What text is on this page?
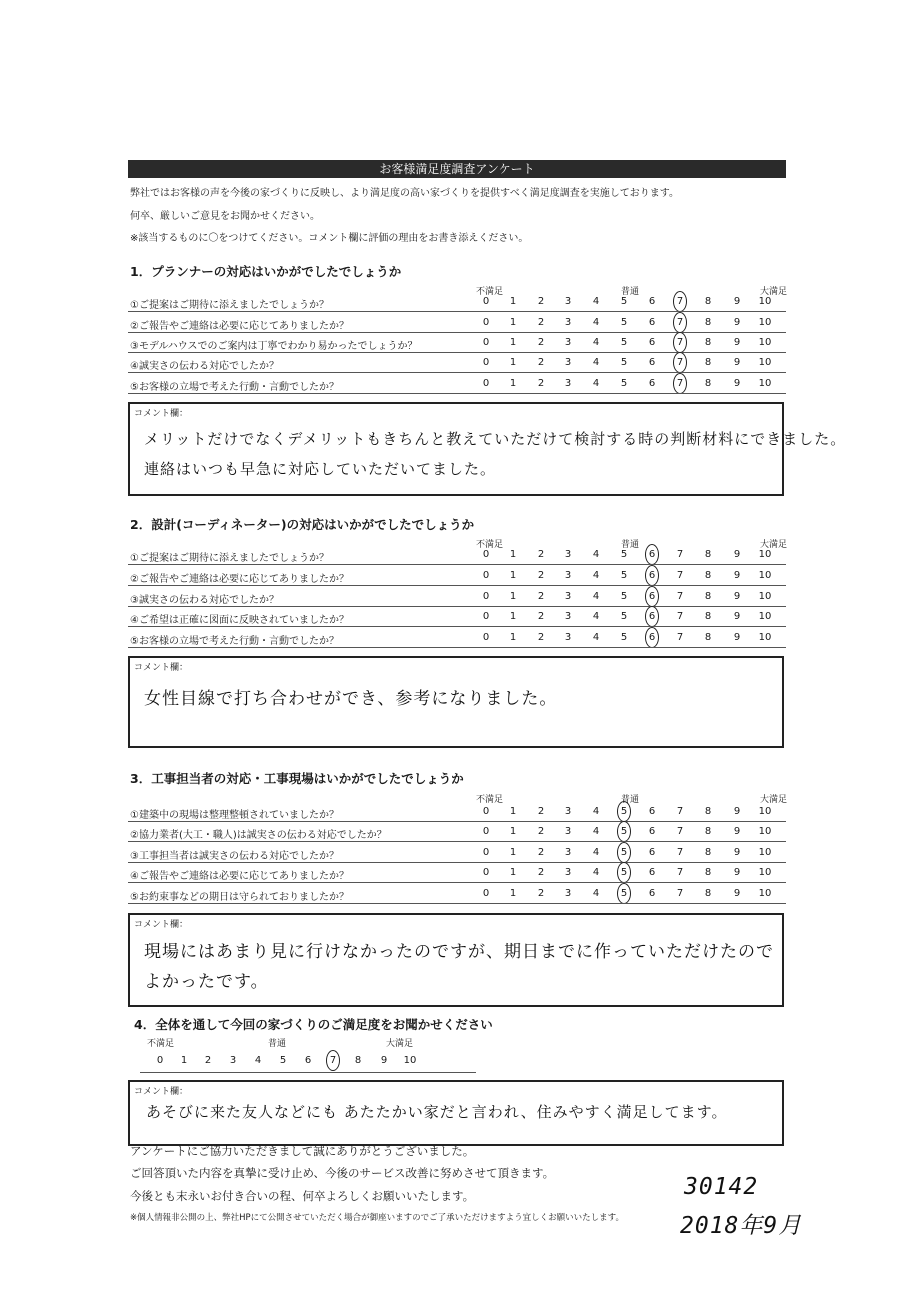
お客様満足度調査アンケート
弊社ではお客様の声を今後の家づくりに反映し、より満足度の高い家づくりを提供すべく満足度調査を実施しております。
何卒、厳しいご意見をお聞かせください。
※該当するものに〇をつけてください。コメント欄に評価の理由をお書き添えください。
1．プランナーの対応はいかがでしたでしょうか
不満足	普通	大満足
①ご提案はご期待に添えましたでしょうか？	0	1	2	3	4	5	6	7	8	9	10
②ご報告やご連絡は必要に応じてありましたか？	0	1	2	3	4	5	6	7	8	9	10
③モデルハウスでのご案内は丁寧でわかり易かったでしょうか？	0	1	2	3	4	5	6	7	8	9	10
④誠実さの伝わる対応でしたか？	0	1	2	3	4	5	6	7	8	9	10
⑤お客様の立場で考えた行動・言動でしたか？	0	1	2	3	4	5	6	7	8	9	10
コメント欄：
メリットだけでなくデメリットもきちんと教えていただけて検討する時の判断材料にできました。
連絡はいつも早急に対応していただいてました。
2．設計(コーディネーター)の対応はいかがでしたでしょうか
不満足	普通	大満足
①ご提案はご期待に添えましたでしょうか？	0	1	2	3	4	5	6	7	8	9	10
②ご報告やご連絡は必要に応じてありましたか？	0	1	2	3	4	5	6	7	8	9	10
③誠実さの伝わる対応でしたか？	0	1	2	3	4	5	6	7	8	9	10
④ご希望は正確に図面に反映されていましたか？	0	1	2	3	4	5	6	7	8	9	10
⑤お客様の立場で考えた行動・言動でしたか？	0	1	2	3	4	5	6	7	8	9	10
コメント欄：
女性目線で打ち合わせができ、参考になりました。
3．工事担当者の対応・工事現場はいかがでしたでしょうか
不満足	普通	大満足
①建築中の現場は整理整頓されていましたか？	0	1	2	3	4	5	6	7	8	9	10
②協力業者(大工・職人)は誠実さの伝わる対応でしたか？	0	1	2	3	4	5	6	7	8	9	10
③工事担当者は誠実さの伝わる対応でしたか？	0	1	2	3	4	5	6	7	8	9	10
④ご報告やご連絡は必要に応じてありましたか？	0	1	2	3	4	5	6	7	8	9	10
⑤お約束事などの期日は守られておりましたか？	0	1	2	3	4	5	6	7	8	9	10
コメント欄：
現場にはあまり見に行けなかったのですが、期日までに作っていただけたので
よかったです。
4．全体を通して今回の家づくりのご満足度をお聞かせください
不満足	普通	大満足
0	1	2	3	4	5	6	7	8	9	10
コメント欄：
あそびに来た友人などにも あたたかい家だと言われ、住みやすく満足してます。
アンケートにご協力いただきまして誠にありがとうございました。
ご回答頂いた内容を真摯に受け止め、今後のサービス改善に努めさせて頂きます。
今後とも末永いお付き合いの程、何卒よろしくお願いいたします。
※個人情報非公開の上、弊社HPにて公開させていただく場合が御座いますのでご了承いただけますよう宜しくお願いいたします。
30142
2018年9月
